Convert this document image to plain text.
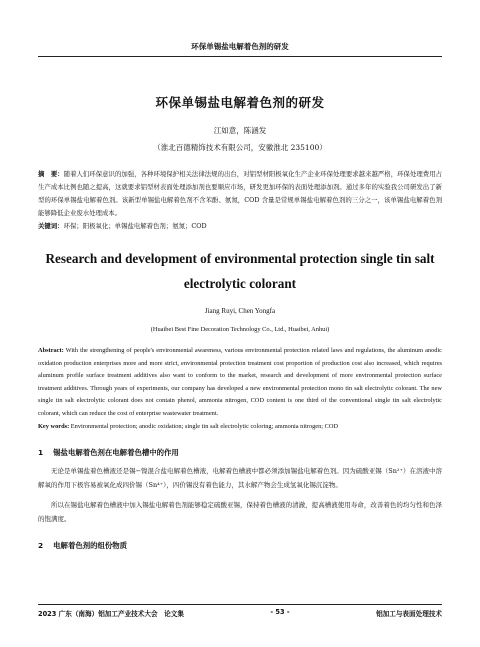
环保单锡盐电解着色剂的研发
环保单锡盐电解着色剂的研发
江如意，陈涵发
（淮北百德精饰技术有限公司，安徽淮北 235100）
摘　要：随着人们环保意识的加强，各种环境保护相关法律法规的出台，对铝型材阳极氧化生产企业环保处理要求越来越严格，环保处理费用占生产成本比例也随之提高，这就要求铝型材表面处理添加剂也要顺应市场，研发更加环保的表面处理添加剂。通过多年的实验我公司研发出了新型的环保单锡盐电解着色剂。该新型单锡盐电解着色剂不含苯酚、氨氮，COD 含量是常规单锡盐电解着色剂的三分之一，该单锡盐电解着色剂能够降低企业废水处理成本。
关键词：环保；阳极氧化；单锡盐电解着色剂；氨氮；COD
Research and development of environmental protection single tin salt electrolytic colorant
Jiang Ruyi, Chen Yongfa
(Huaibei Best Fine Decoration Technology Co., Ltd., Huaibei, Anhui)
Abstract: With the strengthening of people's environmental awareness, various environmental protection related laws and regulations, the aluminum anodic oxidation production enterprises more and more strict, environmental protection treatment cost proportion of production cost also increased, which requires aluminum profile surface treatment additives also want to conform to the market, research and development of more environmental protection surface treatment additives. Through years of experiments, our company has developed a new environmental protection mono tin salt electrolytic colorant. The new single tin salt electrolytic colorant does not contain phenol, ammonia nitrogen, COD content is one third of the conventional single tin salt electrolytic colorant, which can reduce the cost of enterprise wastewater treatment.
Key words: Environmental protection; anodic oxidation; single tin salt electrolytic coloring; ammonia nitrogen; COD
1 锡盐电解着色剂在电解着色槽中的作用
无论是单锡盐着色槽液还是锡−镍混合盐电解着色槽液，电解着色槽液中都必须添加锡盐电解着色剂。因为硫酸亚锡（Sn²⁺）在溶液中溶解氧的作用下极容易被氧化成四价锡（Sn⁴⁺），四价锡没有着色能力，其水解产物会生成氢氧化锡沉淀物。
所以在锡盐电解着色槽液中加入锡盐电解着色剂能够稳定硫酸亚锡，保持着色槽液的清澈，提高槽液使用寿命，改善着色的均匀性和色泽的饱满度。
2 电解着色剂的组份物质
2023 广东（南海）铝加工产业技术大会　论文集	- 53 -	铝加工与表面处理技术
